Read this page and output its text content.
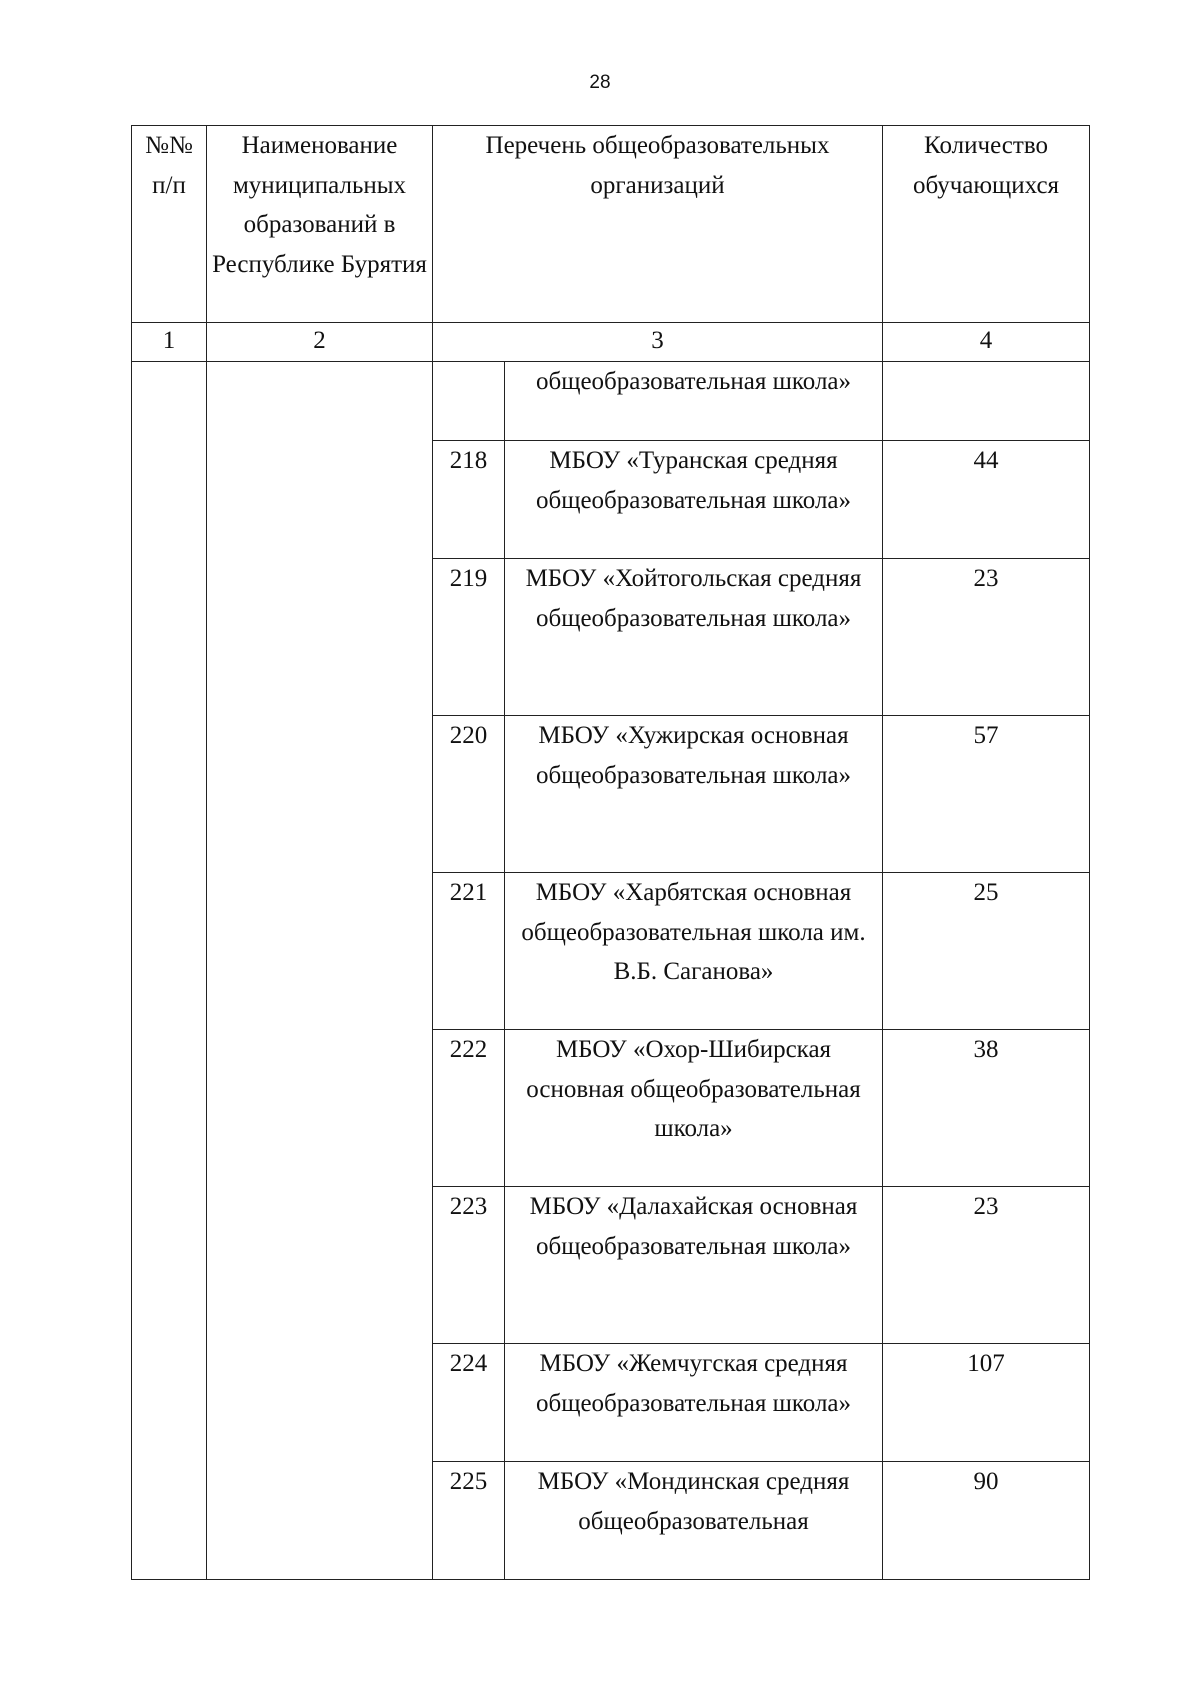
28
№№ п/п	Наименование муниципальных образований в Республике Бурятия	Перечень общеобразовательных организаций		Количество обучающихся
1	2	3		4
			общеобразовательная школа»	
		218	МБОУ «Туранская средняя общеобразовательная школа»	44
		219	МБОУ «Хойтогольская средняя общеобразовательная школа»	23
		220	МБОУ «Хужирская основная общеобразовательная школа»	57
		221	МБОУ «Харбятская основная общеобразовательная школа им. В.Б. Саганова»	25
		222	МБОУ «Охор-Шибирская основная общеобразовательная школа»	38
		223	МБОУ «Далахайская основная общеобразовательная школа»	23
		224	МБОУ «Жемчугская средняя общеобразовательная школа»	107
		225	МБОУ «Мондинская средняя общеобразовательная	90
